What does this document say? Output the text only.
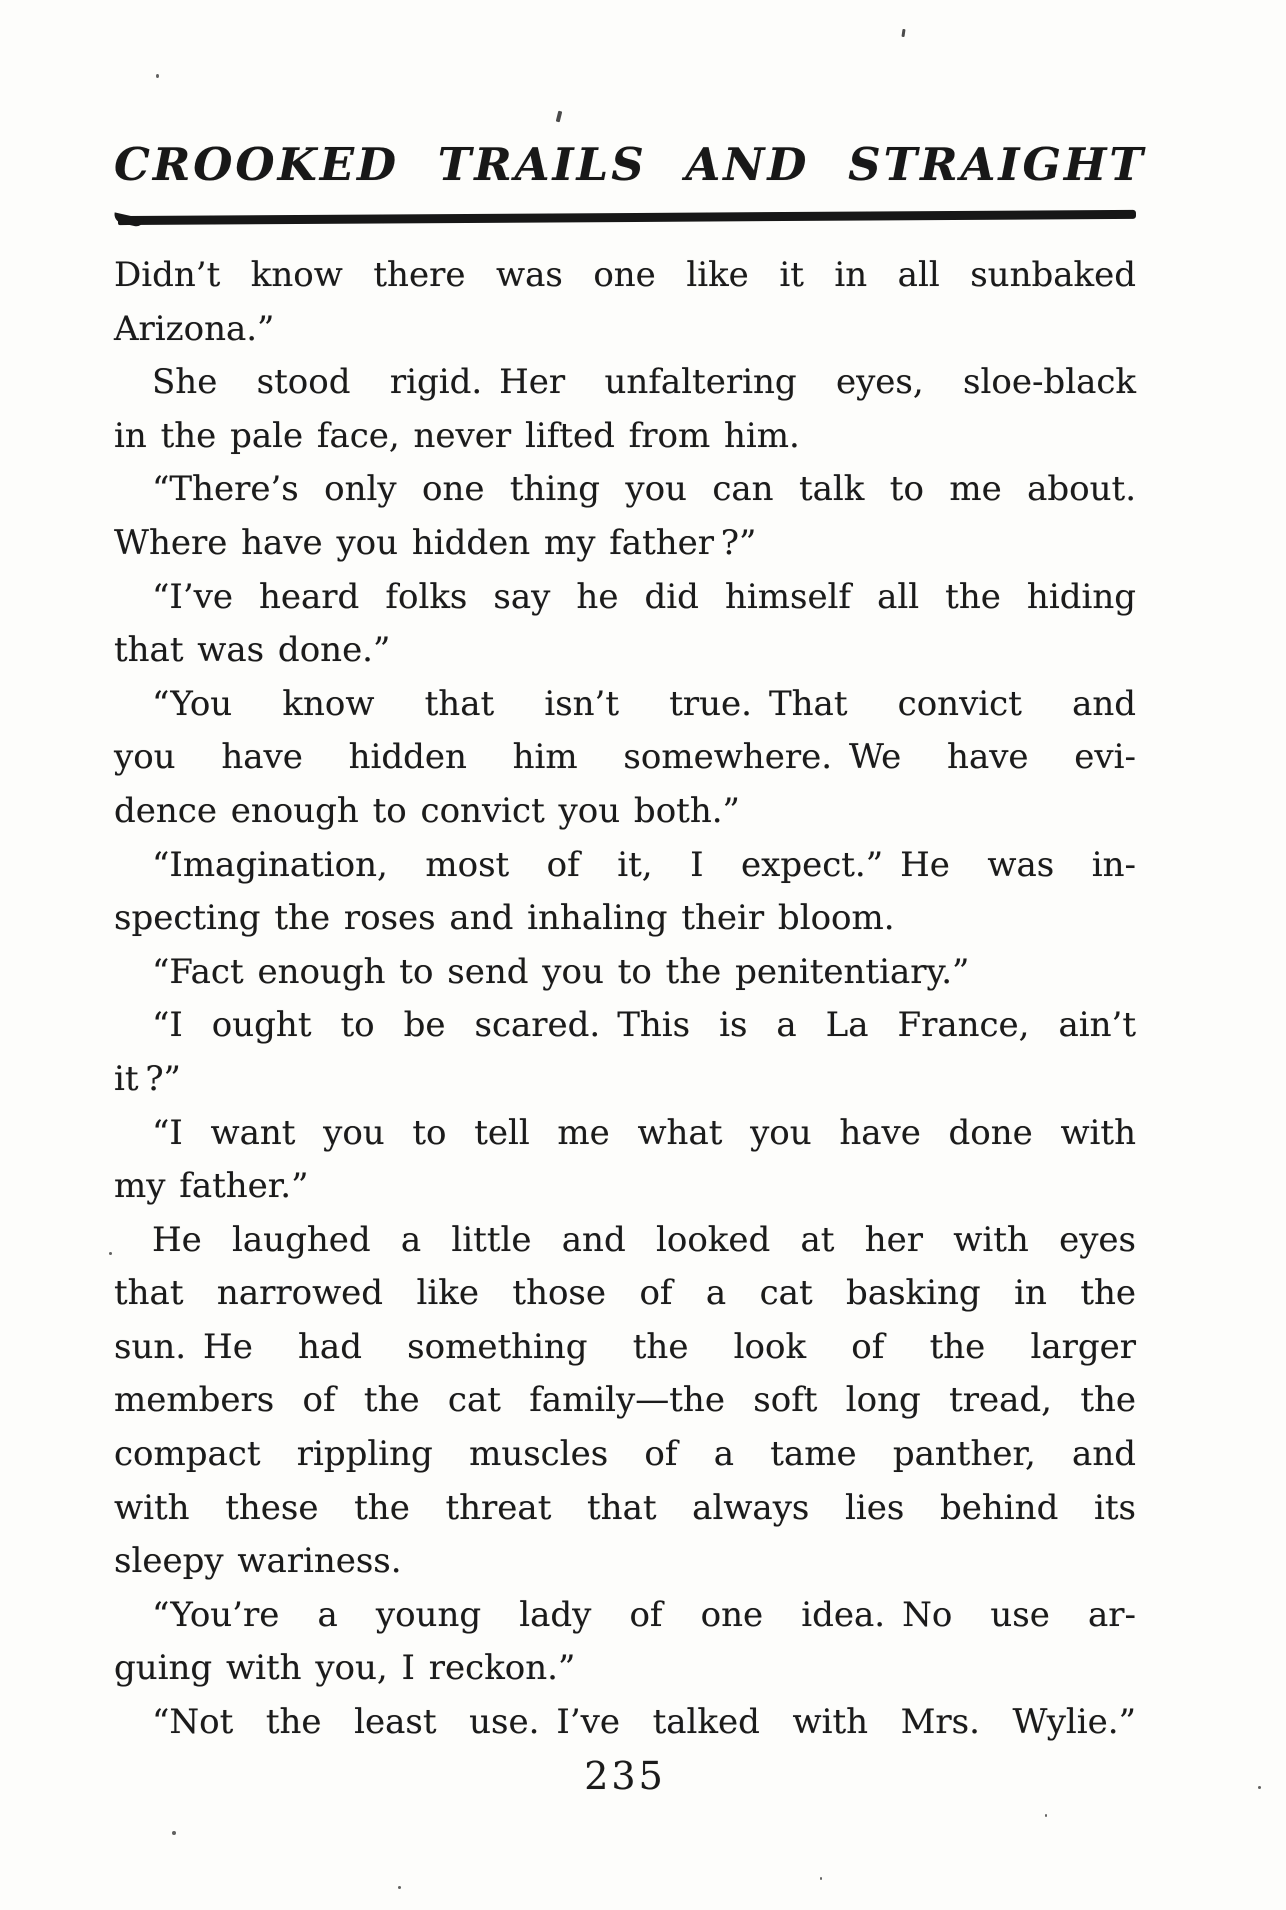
CROOKED TRAILS AND STRAIGHT
Didn’t know there was one like it in all sunbaked
Arizona.”
She stood rigid. Her unfaltering eyes, sloe-black
in the pale face, never lifted from him.
“There’s only one thing you can talk to me about.
Where have you hidden my father ?”
“I’ve heard folks say he did himself all the hiding
that was done.”
“You know that isn’t true. That convict and
you have hidden him somewhere. We have evi-
dence enough to convict you both.”
“Imagination, most of it, I expect.” He was in-
specting the roses and inhaling their bloom.
“Fact enough to send you to the penitentiary.”
“I ought to be scared. This is a La France, ain’t
it ?”
“I want you to tell me what you have done with
my father.”
He laughed a little and looked at her with eyes
that narrowed like those of a cat basking in the
sun. He had something the look of the larger
members of the cat family—the soft long tread, the
compact rippling muscles of a tame panther, and
with these the threat that always lies behind its
sleepy wariness.
“You’re a young lady of one idea. No use ar-
guing with you, I reckon.”
“Not the least use. I’ve talked with Mrs. Wylie.”
235
